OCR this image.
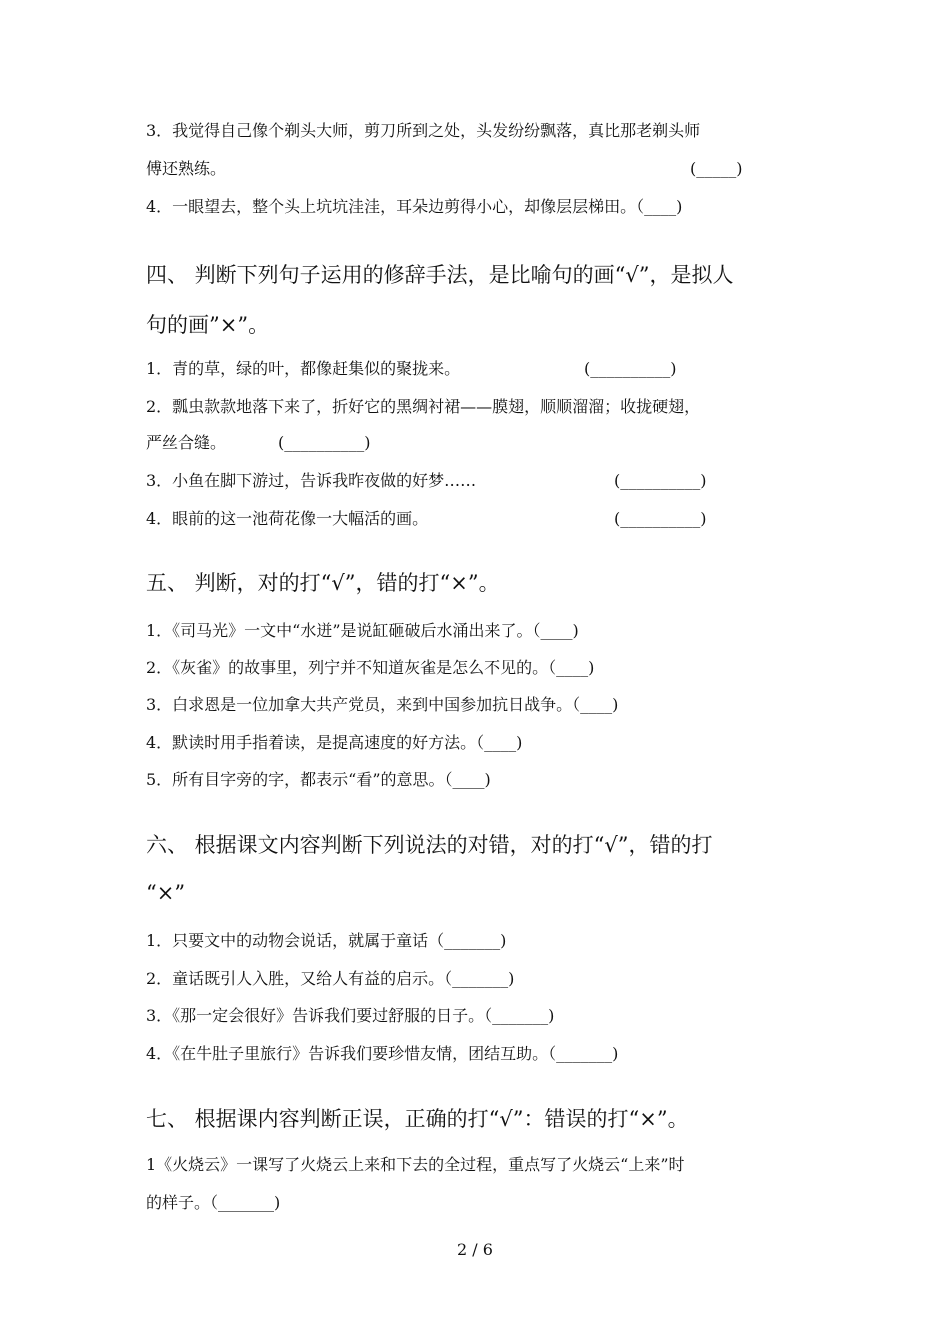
3．我觉得自己像个剃头大师，剪刀所到之处，头发纷纷飘落，真比那老剃头师
傅还熟练。	(_____)
4．一眼望去，整个头上坑坑洼洼，耳朵边剪得小心，却像层层梯田。（____)
四、 判断下列句子运用的修辞手法，是比喻句的画“√”，是拟人
句的画”×”。
1．青的草，绿的叶，都像赶集似的聚拢来。	(__________)
2．瓢虫款款地落下来了，折好它的黑绸衬裙——膜翅，顺顺溜溜；收拢硬翅，
严丝合缝。	(__________)
3．小鱼在脚下游过，告诉我昨夜做的好梦……	(__________)
4．眼前的这一池荷花像一大幅活的画。	(__________)
五、 判断，对的打“√”，错的打“×”。
1．《司马光》一文中“水迸”是说缸砸破后水涌出来了。（____)
2．《灰雀》的故事里，列宁并不知道灰雀是怎么不见的。（____)
3．白求恩是一位加拿大共产党员，来到中国参加抗日战争。（____)
4．默读时用手指着读，是提高速度的好方法。（____)
5．所有目字旁的字，都表示“看”的意思。（____)
六、 根据课文内容判断下列说法的对错，对的打“√”，错的打
“×”
1．只要文中的动物会说话，就属于童话（_______)
2．童话既引人入胜，又给人有益的启示。（_______)
3．《那一定会很好》告诉我们要过舒服的日子。（_______)
4．《在牛肚子里旅行》告诉我们要珍惜友情，团结互助。（_______)
七、 根据课内容判断正误，正确的打“√”：错误的打“×”。
1《火烧云》一课写了火烧云上来和下去的全过程，重点写了火烧云“上来”时
的样子。（_______)
2 / 6
